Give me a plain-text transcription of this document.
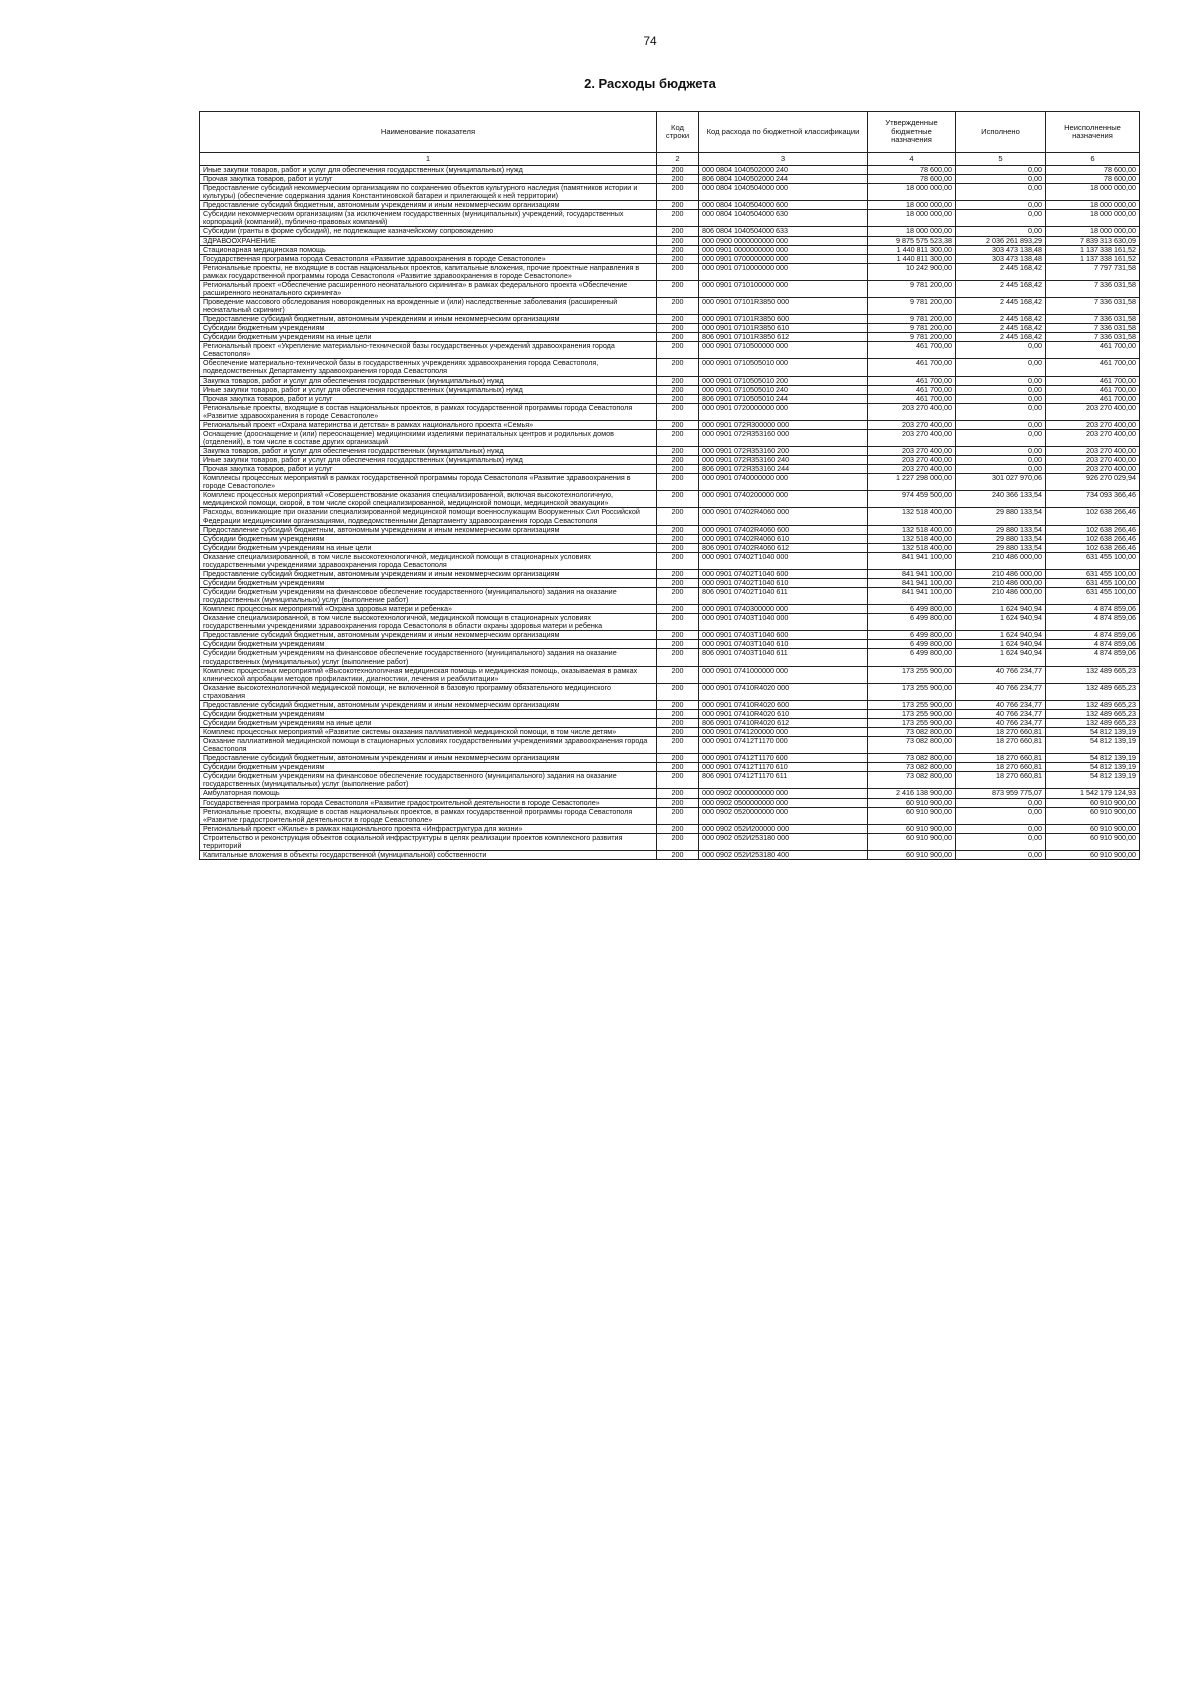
74
2. Расходы бюджета
Наименование показателя	Код строки	Код расхода по бюджетной классификации	Утвержденные бюджетные назначения	Исполнено	Неисполненные назначения
1	2	3	4	5	6
Иные закупки товаров, работ и услуг для обеспечения государственных (муниципальных) нужд	200	000 0804 1040502000 240	78 600,00	0,00	78 600,00
Прочая закупка товаров, работ и услуг	200	806 0804 1040502000 244	78 600,00	0,00	78 600,00
Предоставление субсидий некоммерческим организациям по сохранению объектов культурного наследия (памятников истории и культуры) (обеспечение содержания здания Константиновской батареи и прилегающей к ней территории)	200	000 0804 1040504000 000	18 000 000,00	0,00	18 000 000,00
Предоставление субсидий бюджетным, автономным учреждениям и иным некоммерческим организациям	200	000 0804 1040504000 600	18 000 000,00	0,00	18 000 000,00
Субсидии некоммерческим организациям (за исключением государственных (муниципальных) учреждений, государственных корпораций (компаний), публично-правовых компаний)	200	000 0804 1040504000 630	18 000 000,00	0,00	18 000 000,00
Субсидии (гранты в форме субсидий), не подлежащие казначейскому сопровождению	200	806 0804 1040504000 633	18 000 000,00	0,00	18 000 000,00
ЗДРАВООХРАНЕНИЕ	200	000 0900 0000000000 000	9 875 575 523,38	2 036 261 893,29	7 839 313 630,09
Стационарная медицинская помощь	200	000 0901 0000000000 000	1 440 811 300,00	303 473 138,48	1 137 338 161,52
Государственная программа города Севастополя «Развитие здравоохранения в городе Севастополе»	200	000 0901 0700000000 000	1 440 811 300,00	303 473 138,48	1 137 338 161,52
Региональные проекты, не входящие в состав национальных проектов, капитальные вложения, прочие проектные направления в рамках государственной программы города Севастополя «Развитие здравоохранения в городе Севастополе»	200	000 0901 0710000000 000	10 242 900,00	2 445 168,42	7 797 731,58
Региональный проект «Обеспечение расширенного неонатального скрининга» в рамках федерального проекта «Обеспечение расширенного неонатального скрининга»	200	000 0901 0710100000 000	9 781 200,00	2 445 168,42	7 336 031,58
Проведение массового обследования новорожденных на врожденные и (или) наследственные заболевания (расширенный неонатальный скрининг)	200	000 0901 07101R3850 000	9 781 200,00	2 445 168,42	7 336 031,58
Предоставление субсидий бюджетным, автономным учреждениям и иным некоммерческим организациям	200	000 0901 07101R3850 600	9 781 200,00	2 445 168,42	7 336 031,58
Субсидии бюджетным учреждениям	200	000 0901 07101R3850 610	9 781 200,00	2 445 168,42	7 336 031,58
Субсидии бюджетным учреждениям на иные цели	200	806 0901 07101R3850 612	9 781 200,00	2 445 168,42	7 336 031,58
Региональный проект «Укрепление материально-технической базы государственных учреждений здравоохранения города Севастополя»	200	000 0901 0710500000 000	461 700,00	0,00	461 700,00
Обеспечение материально-технической базы в государственных учреждениях здравоохранения города Севастополя, подведомственных Департаменту здравоохранения города Севастополя	200	000 0901 0710505010 000	461 700,00	0,00	461 700,00
Закупка товаров, работ и услуг для обеспечения государственных (муниципальных) нужд	200	000 0901 0710505010 200	461 700,00	0,00	461 700,00
Иные закупки товаров, работ и услуг для обеспечения государственных (муниципальных) нужд	200	000 0901 0710505010 240	461 700,00	0,00	461 700,00
Прочая закупка товаров, работ и услуг	200	806 0901 0710505010 244	461 700,00	0,00	461 700,00
Региональные проекты, входящие в состав национальных проектов, в рамках государственной программы города Севастополя «Развитие здравоохранения в городе Севастополе»	200	000 0901 0720000000 000	203 270 400,00	0,00	203 270 400,00
Региональный проект «Охрана материнства и детства» в рамках национального проекта «Семья»	200	000 0901 072Я300000 000	203 270 400,00	0,00	203 270 400,00
Оснащение (дооснащение и (или) переоснащение) медицинскими изделиями перинатальных центров и родильных домов (отделений), в том числе в составе других организаций	200	000 0901 072Я353160 000	203 270 400,00	0,00	203 270 400,00
Закупка товаров, работ и услуг для обеспечения государственных (муниципальных) нужд	200	000 0901 072Я353160 200	203 270 400,00	0,00	203 270 400,00
Иные закупки товаров, работ и услуг для обеспечения государственных (муниципальных) нужд	200	000 0901 072Я353160 240	203 270 400,00	0,00	203 270 400,00
Прочая закупка товаров, работ и услуг	200	806 0901 072Я353160 244	203 270 400,00	0,00	203 270 400,00
Комплексы процессных мероприятий в рамках государственной программы города Севастополя «Развитие здравоохранения в городе Севастополе»	200	000 0901 0740000000 000	1 227 298 000,00	301 027 970,06	926 270 029,94
Комплекс процессных мероприятий «Совершенствование оказания специализированной, включая высокотехнологичную, медицинской помощи, скорой, в том числе скорой специализированной, медицинской помощи, медицинской эвакуации»	200	000 0901 0740200000 000	974 459 500,00	240 366 133,54	734 093 366,46
Расходы, возникающие при оказании специализированной медицинской помощи военнослужащим Вооруженных Сил Российской Федерации медицинскими организациями, подведомственными Департаменту здравоохранения города Севастополя	200	000 0901 07402R4060 000	132 518 400,00	29 880 133,54	102 638 266,46
Предоставление субсидий бюджетным, автономным учреждениям и иным некоммерческим организациям	200	000 0901 07402R4060 600	132 518 400,00	29 880 133,54	102 638 266,46
Субсидии бюджетным учреждениям	200	000 0901 07402R4060 610	132 518 400,00	29 880 133,54	102 638 266,46
Субсидии бюджетным учреждениям на иные цели	200	806 0901 07402R4060 612	132 518 400,00	29 880 133,54	102 638 266,46
Оказание специализированной, в том числе высокотехнологичной, медицинской помощи в стационарных условиях государственными учреждениями здравоохранения города Севастополя	200	000 0901 07402Т1040 000	841 941 100,00	210 486 000,00	631 455 100,00
Предоставление субсидий бюджетным, автономным учреждениям и иным некоммерческим организациям	200	000 0901 07402Т1040 600	841 941 100,00	210 486 000,00	631 455 100,00
Субсидии бюджетным учреждениям	200	000 0901 07402Т1040 610	841 941 100,00	210 486 000,00	631 455 100,00
Субсидии бюджетным учреждениям на финансовое обеспечение государственного (муниципального) задания на оказание государственных (муниципальных) услуг (выполнение работ)	200	806 0901 07402Т1040 611	841 941 100,00	210 486 000,00	631 455 100,00
Комплекс процессных мероприятий «Охрана здоровья матери и ребенка»	200	000 0901 0740300000 000	6 499 800,00	1 624 940,94	4 874 859,06
Оказание специализированной, в том числе высокотехнологичной, медицинской помощи в стационарных условиях государственными учреждениями здравоохранения города Севастополя в области охраны здоровья матери и ребенка	200	000 0901 07403Т1040 000	6 499 800,00	1 624 940,94	4 874 859,06
Предоставление субсидий бюджетным, автономным учреждениям и иным некоммерческим организациям	200	000 0901 07403Т1040 600	6 499 800,00	1 624 940,94	4 874 859,06
Субсидии бюджетным учреждениям	200	000 0901 07403Т1040 610	6 499 800,00	1 624 940,94	4 874 859,06
Субсидии бюджетным учреждениям на финансовое обеспечение государственного (муниципального) задания на оказание государственных (муниципальных) услуг (выполнение работ)	200	806 0901 07403Т1040 611	6 499 800,00	1 624 940,94	4 874 859,06
Комплекс процессных мероприятий «Высокотехнологичная медицинская помощь и медицинская помощь, оказываемая в рамках клинической апробации методов профилактики, диагностики, лечения и реабилитации»	200	000 0901 0741000000 000	173 255 900,00	40 766 234,77	132 489 665,23
Оказание высокотехнологичной медицинской помощи, не включенной в базовую программу обязательного медицинского страхования	200	000 0901 07410R4020 000	173 255 900,00	40 766 234,77	132 489 665,23
Предоставление субсидий бюджетным, автономным учреждениям и иным некоммерческим организациям	200	000 0901 07410R4020 600	173 255 900,00	40 766 234,77	132 489 665,23
Субсидии бюджетным учреждениям	200	000 0901 07410R4020 610	173 255 900,00	40 766 234,77	132 489 665,23
Субсидии бюджетным учреждениям на иные цели	200	806 0901 07410R4020 612	173 255 900,00	40 766 234,77	132 489 665,23
Комплекс процессных мероприятий «Развитие системы оказания паллиативной медицинской помощи, в том числе детям»	200	000 0901 0741200000 000	73 082 800,00	18 270 660,81	54 812 139,19
Оказание паллиативной медицинской помощи в стационарных условиях государственными учреждениями здравоохранения города Севастополя	200	000 0901 07412Т1170 000	73 082 800,00	18 270 660,81	54 812 139,19
Предоставление субсидий бюджетным, автономным учреждениям и иным некоммерческим организациям	200	000 0901 07412Т1170 600	73 082 800,00	18 270 660,81	54 812 139,19
Субсидии бюджетным учреждениям	200	000 0901 07412Т1170 610	73 082 800,00	18 270 660,81	54 812 139,19
Субсидии бюджетным учреждениям на финансовое обеспечение государственного (муниципального) задания на оказание государственных (муниципальных) услуг (выполнение работ)	200	806 0901 07412Т1170 611	73 082 800,00	18 270 660,81	54 812 139,19
Амбулаторная помощь	200	000 0902 0000000000 000	2 416 138 900,00	873 959 775,07	1 542 179 124,93
Государственная программа города Севастополя «Развитие градостроительной деятельности в городе Севастополе»	200	000 0902 0500000000 000	60 910 900,00	0,00	60 910 900,00
Региональные проекты, входящие в состав национальных проектов, в рамках государственной программы города Севастополя «Развитие градостроительной деятельности в городе Севастополе»	200	000 0902 0520000000 000	60 910 900,00	0,00	60 910 900,00
Региональный проект «Жилье» в рамках национального проекта «Инфраструктура для жизни»	200	000 0902 052И200000 000	60 910 900,00	0,00	60 910 900,00
Строительство и реконструкция объектов социальной инфраструктуры в целях реализации проектов комплексного развития территорий	200	000 0902 052И253180 000	60 910 900,00	0,00	60 910 900,00
Капитальные вложения в объекты государственной (муниципальной) собственности	200	000 0902 052И253180 400	60 910 900,00	0,00	60 910 900,00
